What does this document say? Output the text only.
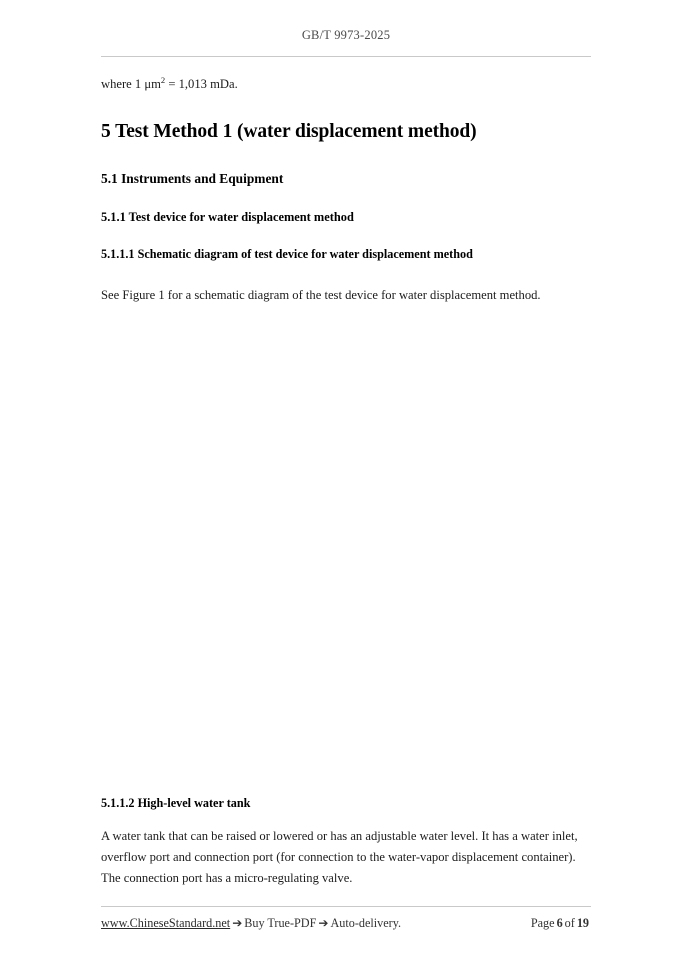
GB/T 9973-2025

where 1 $\mu m^2 = 1,013$ mDa.

5 Test Method 1 (water displacement method)
5.1 Instruments and Equipment
5.1.1 Test device for water displacement method
5.1.1.1 Schematic diagram of test device for water displacement method

See Figure 1 for a schematic diagram of the test device for water displacement method.

5.1.1.2 High-level water tank

A water tank that can be raised or lowered or has an adjustable water level. It has a water inlet, overflow port and connection port (for connection to the water-vapor displacement container). The connection port has a micro-regulating valve.

www.ChineseStandard.net ➔ Buy True-PDF ➔ Auto-delivery.	Page 6 of 19
